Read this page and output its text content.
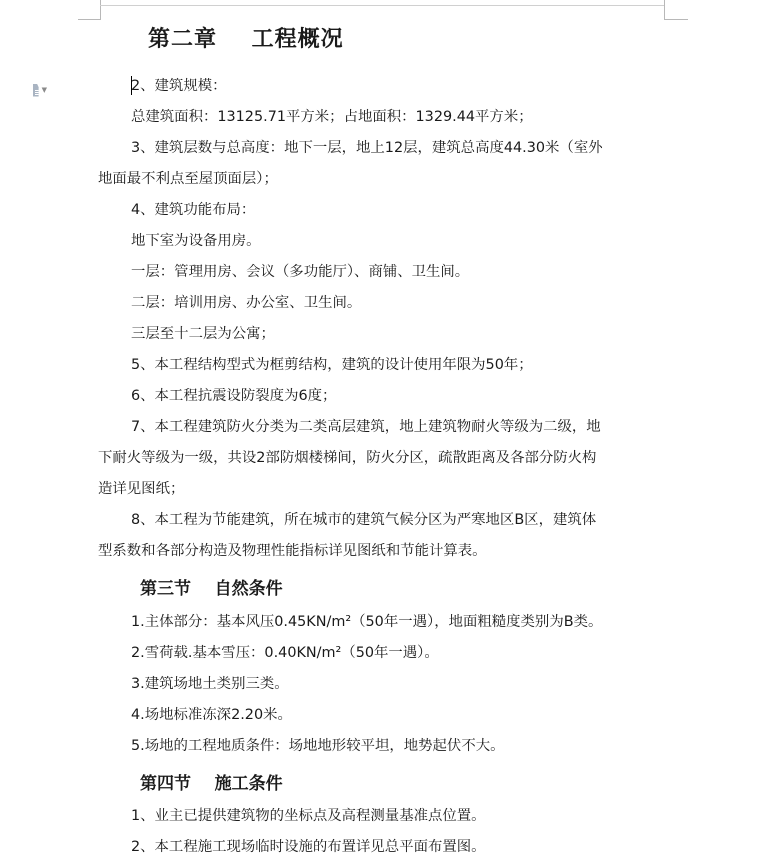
▼
第二章    工程概况

2、建筑规模：

总建筑面积：13125.71平方米；占地面积：1329.44平方米；

3、建筑层数与总高度：地下一层，地上12层，建筑总高度44.30米（室外

地面最不利点至屋顶面层）；

4、建筑功能布局：

地下室为设备用房。

一层：管理用房、会议（多功能厅）、商铺、卫生间。

二层：培训用房、办公室、卫生间。

三层至十二层为公寓；

5、本工程结构型式为框剪结构，建筑的设计使用年限为50年；

6、本工程抗震设防裂度为6度；

7、本工程建筑防火分类为二类高层建筑，地上建筑物耐火等级为二级，地

下耐火等级为一级，共设2部防烟楼梯间，防火分区，疏散距离及各部分防火构

造详见图纸；

8、本工程为节能建筑，所在城市的建筑气候分区为严寒地区B区，建筑体

型系数和各部分构造及物理性能指标详见图纸和节能计算表。

第三节    自然条件

1.主体部分：基本风压0.45KN/m²（50年一遇），地面粗糙度类别为B类。

2.雪荷载.基本雪压：0.40KN/m²（50年一遇）。

3.建筑场地土类别三类。

4.场地标准冻深2.20米。

5.场地的工程地质条件：场地地形较平坦，地势起伏不大。

第四节    施工条件

1、业主已提供建筑物的坐标点及高程测量基准点位置。

2、本工程施工现场临时设施的布置详见总平面布置图。
